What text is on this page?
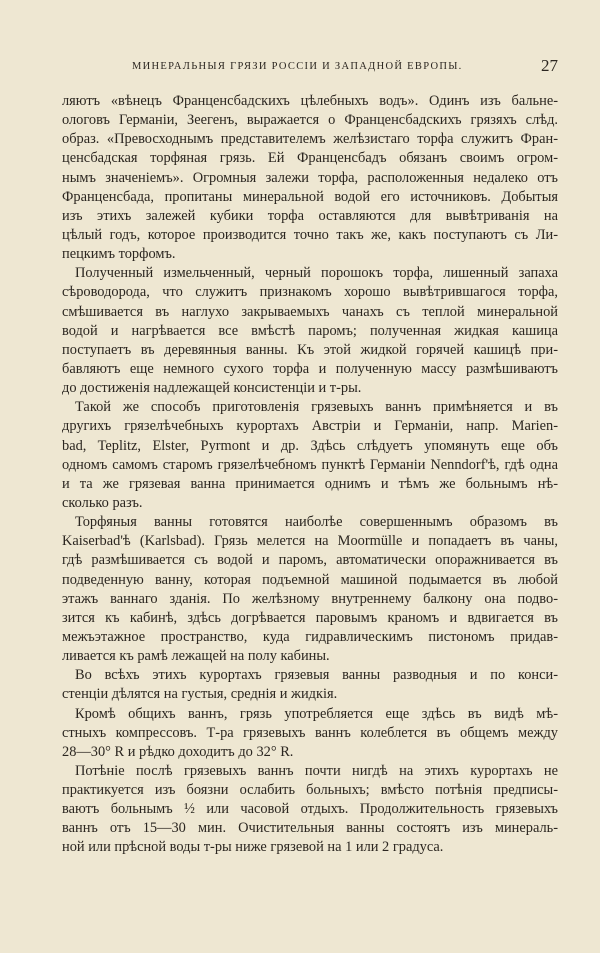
МИНЕРАЛЬНЫЯ ГРЯЗИ РОССІИ И ЗАПАДНОЙ ЕВРОПЫ.	27
ляютъ «вѣнецъ Франценсбадскихъ цѣлебныхъ водъ». Одинъ изъ бальне-
ологовъ Германіи, Зеегенъ, выражается о Франценсбадскихъ грязяхъ слѣд.
образ. «Превосходнымъ представителемъ желѣзистаго торфа служитъ Фран-
ценсбадская торфяная грязь. Ей Франценсбадъ обязанъ своимъ огром-
нымъ значеніемъ». Огромныя залежи торфа, расположенныя недалеко отъ
Франценсбада, пропитаны минеральной водой его источниковъ. Добытыя
изъ этихъ залежей кубики торфа оставляются для вывѣтриванія на
цѣлый годъ, которое производится точно такъ же, какъ поступаютъ съ Ли-
пецкимъ торфомъ.
Полученный измельченный, черный порошокъ торфа, лишенный запаха
сѣроводорода, что служитъ признакомъ хорошо вывѣтрившагося торфа,
смѣшивается въ наглухо закрываемыхъ чанахъ съ теплой минеральной
водой и нагрѣвается все вмѣстѣ паромъ; полученная жидкая кашица
поступаетъ въ деревянныя ванны. Къ этой жидкой горячей кашицѣ при-
бавляютъ еще немного сухого торфа и полученную массу размѣшиваютъ
до достиженія надлежащей консистенціи и т-ры.
Такой же способъ приготовленія грязевыхъ ваннъ примѣняется и въ
другихъ грязелѣчебныхъ курортахъ Австріи и Германіи, напр. Marien-
bad, Teplitz, Elster, Pyrmont и др. Здѣсь слѣдуетъ упомянуть еще объ
одномъ самомъ старомъ грязелѣчебномъ пунктѣ Германіи Nenndorf'ѣ, гдѣ одна
и та же грязевая ванна принимается однимъ и тѣмъ же больнымъ нѣ-
сколько разъ.
Торфяныя ванны готовятся наиболѣе совершеннымъ образомъ въ
Kaiserbad'ѣ (Karlsbad). Грязь мелется на Moormülle и попадаетъ въ чаны,
гдѣ размѣшивается съ водой и паромъ, автоматически опоражнивается въ
подведенную ванну, которая подъемной машиной подымается въ любой
этажъ ваннаго зданія. По желѣзному внутреннему балкону она подво-
зится къ кабинѣ, здѣсь догрѣвается паровымъ краномъ и вдвигается въ
межъэтажное пространство, куда гидравлическимъ пистономъ придав-
ливается къ рамѣ лежащей на полу кабины.
Во всѣхъ этихъ курортахъ грязевыя ванны разводныя и по конси-
стенціи дѣлятся на густыя, среднія и жидкія.
Кромѣ общихъ ваннъ, грязь употребляется еще здѣсь въ видѣ мѣ-
стныхъ компрессовъ. Т-ра грязевыхъ ваннъ колеблется въ общемъ между
28—30° R и рѣдко доходитъ до 32° R.
Потѣніе послѣ грязевыхъ ваннъ почти нигдѣ на этихъ курортахъ не
практикуется изъ боязни ослабить больныхъ; вмѣсто потѣнія предписы-
ваютъ больнымъ ½ или часовой отдыхъ. Продолжительность грязевыхъ
ваннъ отъ 15—30 мин. Очистительныя ванны состоятъ изъ минераль-
ной или прѣсной воды т-ры ниже грязевой на 1 или 2 градуса.
